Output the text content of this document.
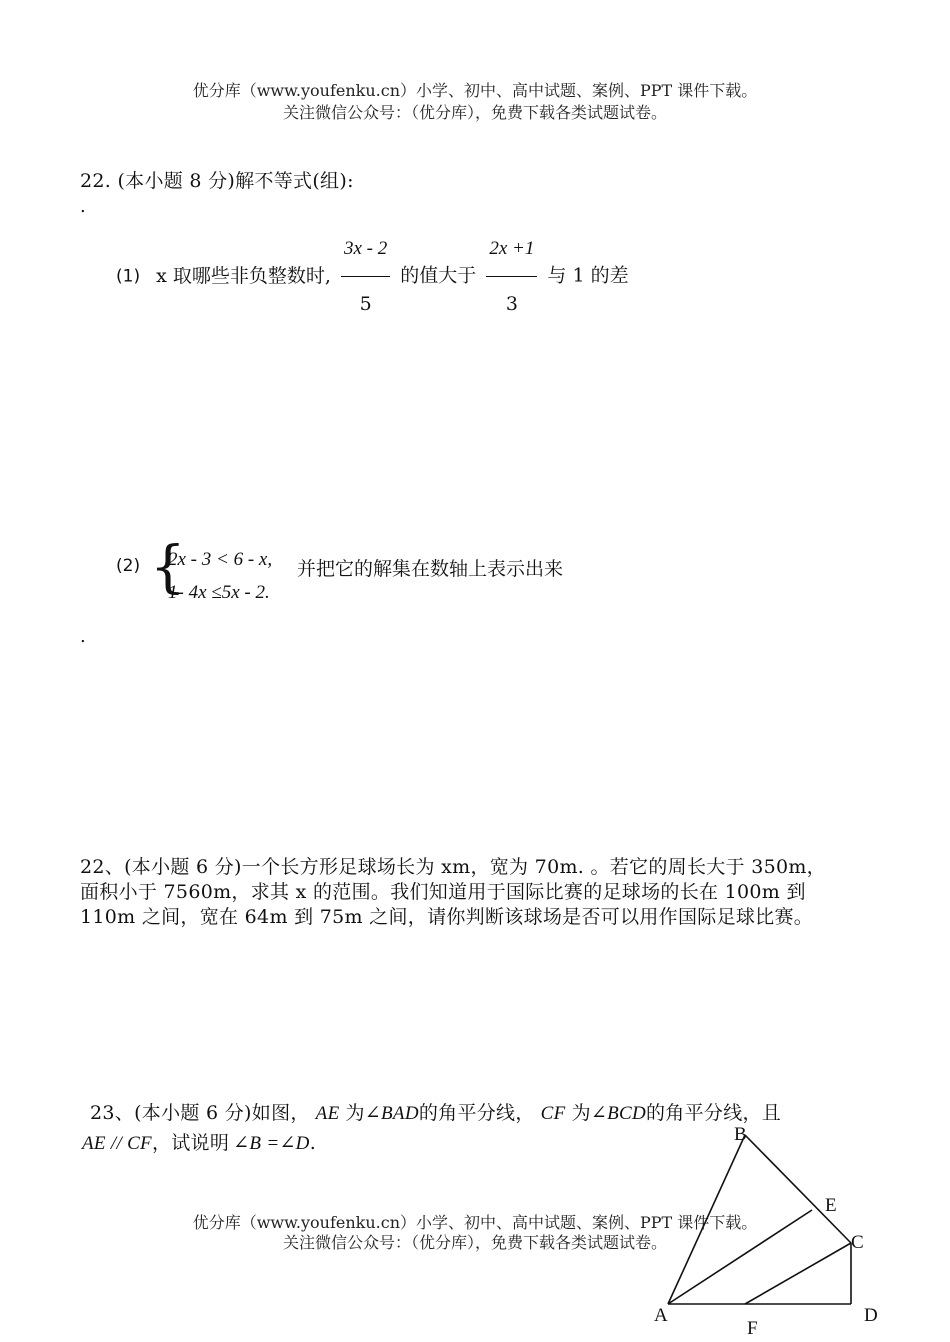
优分库（www.youfenku.cn）小学、初中、高中试题、案例、PPT 课件下载。
关注微信公众号：（优分库），免费下载各类试题试卷。
22. (本小题 8 分)解不等式(组):
.
(1) x 取哪些非负整数时, $\frac{3x - 2}{5}$ 的值大于 $\frac{2x +1}{3}$ 与 1 的差
(2) {
2x - 3 < 6 - x,
1- 4x ≤5x - 2.
并把它的解集在数轴上表示出来
.
22、(本小题 6 分)一个长方形足球场长为 xm，宽为 70m. 。若它的周长大于 350m，
面积小于 7560m，求其 x 的范围。我们知道用于国际比赛的足球场的长在 100m 到
110m 之间，宽在 64m 到 75m 之间，请你判断该球场是否可以用作国际足球比赛。
23、(本小题 6 分)如图， AE 为∠BAD的角平分线， CF 为∠BCD的角平分线，且
AE // CF，试说明 ∠B =∠D.
优分库（www.youfenku.cn）小学、初中、高中试题、案例、PPT 课件下载。
关注微信公众号：（优分库），免费下载各类试题试卷。
B
E
C
A	D
F
